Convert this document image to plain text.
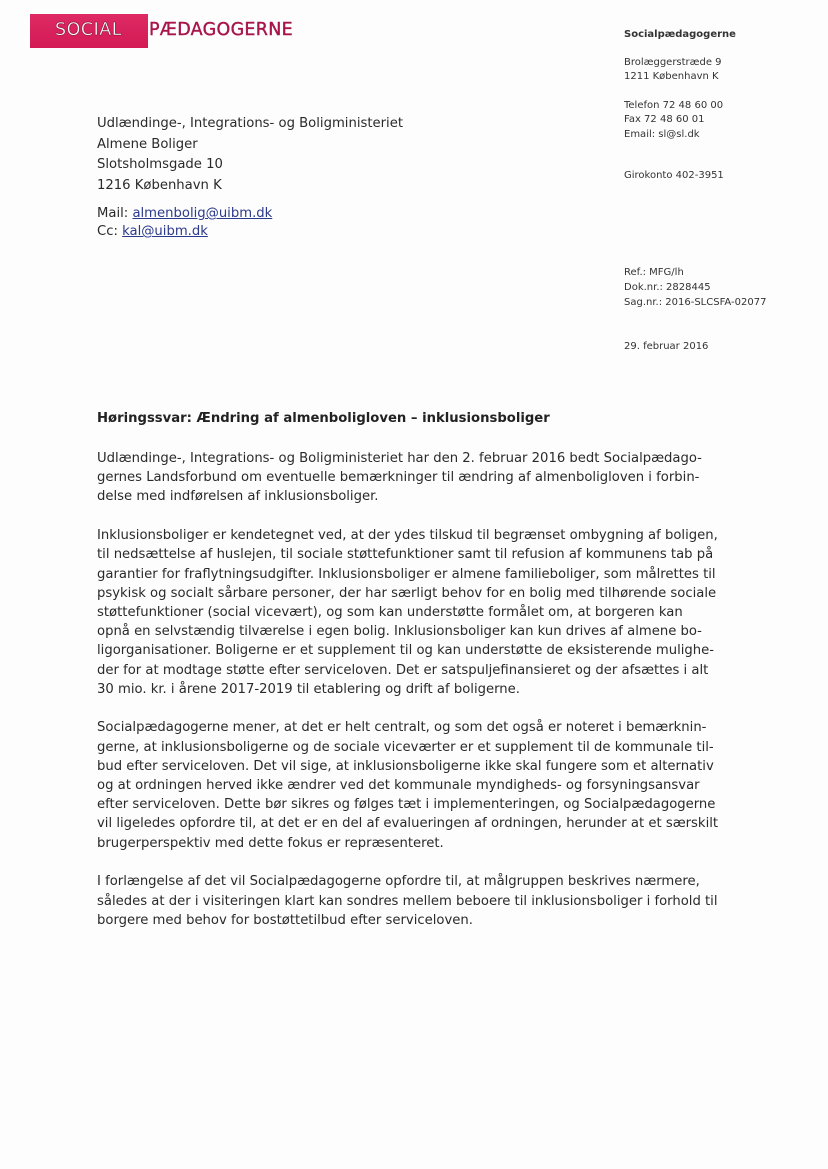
SOCIAL PÆDAGOGERNE	Socialpædagogerne
Brolæggerstræde 9
1211 København K
Telefon 72 48 60 00
Fax 72 48 60 01
Email: sl@sl.dk
Girokonto 402-3951
Ref.: MFG/lh
Dok.nr.: 2828445
Sag.nr.: 2016-SLCSFA-02077
29. februar 2016
Udlændinge-, Integrations- og Boligministeriet
Almene Boliger
Slotsholmsgade 10
1216 København K
Mail: almenbolig@uibm.dk
Cc: kal@uibm.dk
Høringssvar: Ændring af almenboligloven – inklusionsboliger

Udlændinge-, Integrations- og Boligministeriet har den 2. februar 2016 bedt Socialpædago-
gernes Landsforbund om eventuelle bemærkninger til ændring af almenboligloven i forbin-
delse med indførelsen af inklusionsboliger.

Inklusionsboliger er kendetegnet ved, at der ydes tilskud til begrænset ombygning af boligen,
til nedsættelse af huslejen, til sociale støttefunktioner samt til refusion af kommunens tab på
garantier for fraflytningsudgifter. Inklusionsboliger er almene familieboliger, som målrettes til
psykisk og socialt sårbare personer, der har særligt behov for en bolig med tilhørende sociale
støttefunktioner (social vicevært), og som kan understøtte formålet om, at borgeren kan
opnå en selvstændig tilværelse i egen bolig. Inklusionsboliger kan kun drives af almene bo-
ligorganisationer. Boligerne er et supplement til og kan understøtte de eksisterende mulighe-
der for at modtage støtte efter serviceloven. Det er satspuljefinansieret og der afsættes i alt
30 mio. kr. i årene 2017-2019 til etablering og drift af boligerne.

Socialpædagogerne mener, at det er helt centralt, og som det også er noteret i bemærknin-
gerne, at inklusionsboligerne og de sociale viceværter er et supplement til de kommunale til-
bud efter serviceloven. Det vil sige, at inklusionsboligerne ikke skal fungere som et alternativ
og at ordningen herved ikke ændrer ved det kommunale myndigheds- og forsyningsansvar
efter serviceloven. Dette bør sikres og følges tæt i implementeringen, og Socialpædagogerne
vil ligeledes opfordre til, at det er en del af evalueringen af ordningen, herunder at et særskilt
brugerperspektiv med dette fokus er repræsenteret.

I forlængelse af det vil Socialpædagogerne opfordre til, at målgruppen beskrives nærmere,
således at der i visiteringen klart kan sondres mellem beboere til inklusionsboliger i forhold til
borgere med behov for bostøttetilbud efter serviceloven.
